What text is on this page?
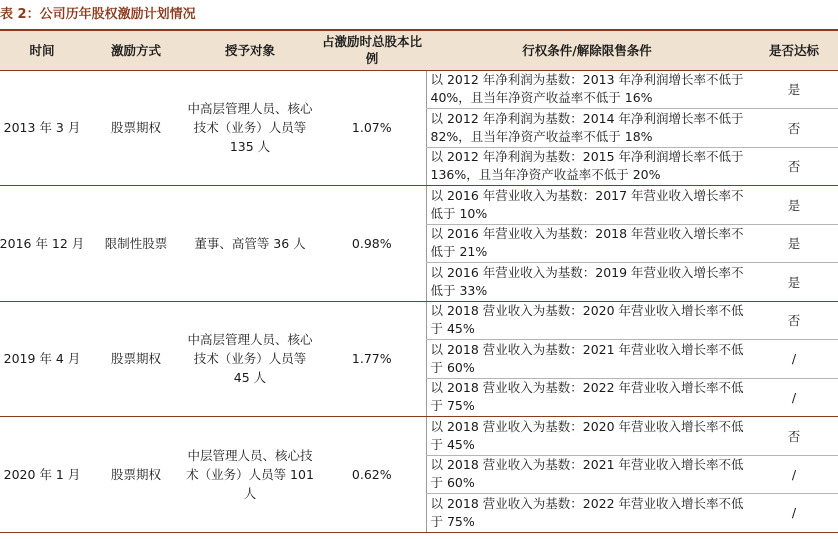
表 2：公司历年股权激励计划情况
时间	激励方式	授予对象	占激励时总股本比例	行权条件/解除限售条件	是否达标
2013 年 3 月	股票期权	中高层管理人员、核心技术（业务）人员等 135 人	1.07%	以 2012 年净利润为基数：2013 年净利润增长率不低于 40%，且当年净资产收益率不低于 16%	是
				以 2012 年净利润为基数：2014 年净利润增长率不低于 82%，且当年净资产收益率不低于 18%	否
				以 2012 年净利润为基数：2015 年净利润增长率不低于 136%，且当年净资产收益率不低于 20%	否
2016 年 12 月	限制性股票	董事、高管等 36 人	0.98%	以 2016 年营业收入为基数：2017 年营业收入增长率不低于 10%	是
				以 2016 年营业收入为基数：2018 年营业收入增长率不低于 21%	是
				以 2016 年营业收入为基数：2019 年营业收入增长率不低于 33%	是
2019 年 4 月	股票期权	中高层管理人员、核心技术（业务）人员等 45 人	1.77%	以 2018 营业收入为基数：2020 年营业收入增长率不低于 45%	否
				以 2018 营业收入为基数：2021 年营业收入增长率不低于 60%	/
				以 2018 营业收入为基数：2022 年营业收入增长率不低于 75%	/
2020 年 1 月	股票期权	中层管理人员、核心技术（业务）人员等 101 人	0.62%	以 2018 营业收入为基数：2020 年营业收入增长率不低于 45%	否
				以 2018 营业收入为基数：2021 年营业收入增长率不低于 60%	/
				以 2018 营业收入为基数：2022 年营业收入增长率不低于 75%	/
